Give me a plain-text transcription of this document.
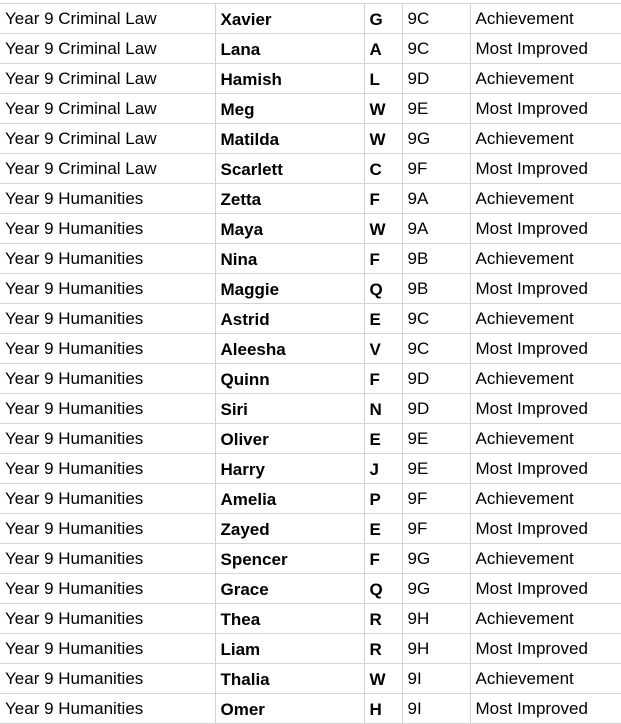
Year 9 Criminal Law	Xavier	G	9C	Achievement
Year 9 Criminal Law	Lana	A	9C	Most Improved
Year 9 Criminal Law	Hamish	L	9D	Achievement
Year 9 Criminal Law	Meg	W	9E	Most Improved
Year 9 Criminal Law	Matilda	W	9G	Achievement
Year 9 Criminal Law	Scarlett	C	9F	Most Improved
Year 9 Humanities	Zetta	F	9A	Achievement
Year 9 Humanities	Maya	W	9A	Most Improved
Year 9 Humanities	Nina	F	9B	Achievement
Year 9 Humanities	Maggie	Q	9B	Most Improved
Year 9 Humanities	Astrid	E	9C	Achievement
Year 9 Humanities	Aleesha	V	9C	Most Improved
Year 9 Humanities	Quinn	F	9D	Achievement
Year 9 Humanities	Siri	N	9D	Most Improved
Year 9 Humanities	Oliver	E	9E	Achievement
Year 9 Humanities	Harry	J	9E	Most Improved
Year 9 Humanities	Amelia	P	9F	Achievement
Year 9 Humanities	Zayed	E	9F	Most Improved
Year 9 Humanities	Spencer	F	9G	Achievement
Year 9 Humanities	Grace	Q	9G	Most Improved
Year 9 Humanities	Thea	R	9H	Achievement
Year 9 Humanities	Liam	R	9H	Most Improved
Year 9 Humanities	Thalia	W	9I	Achievement
Year 9 Humanities	Omer	H	9I	Most Improved
